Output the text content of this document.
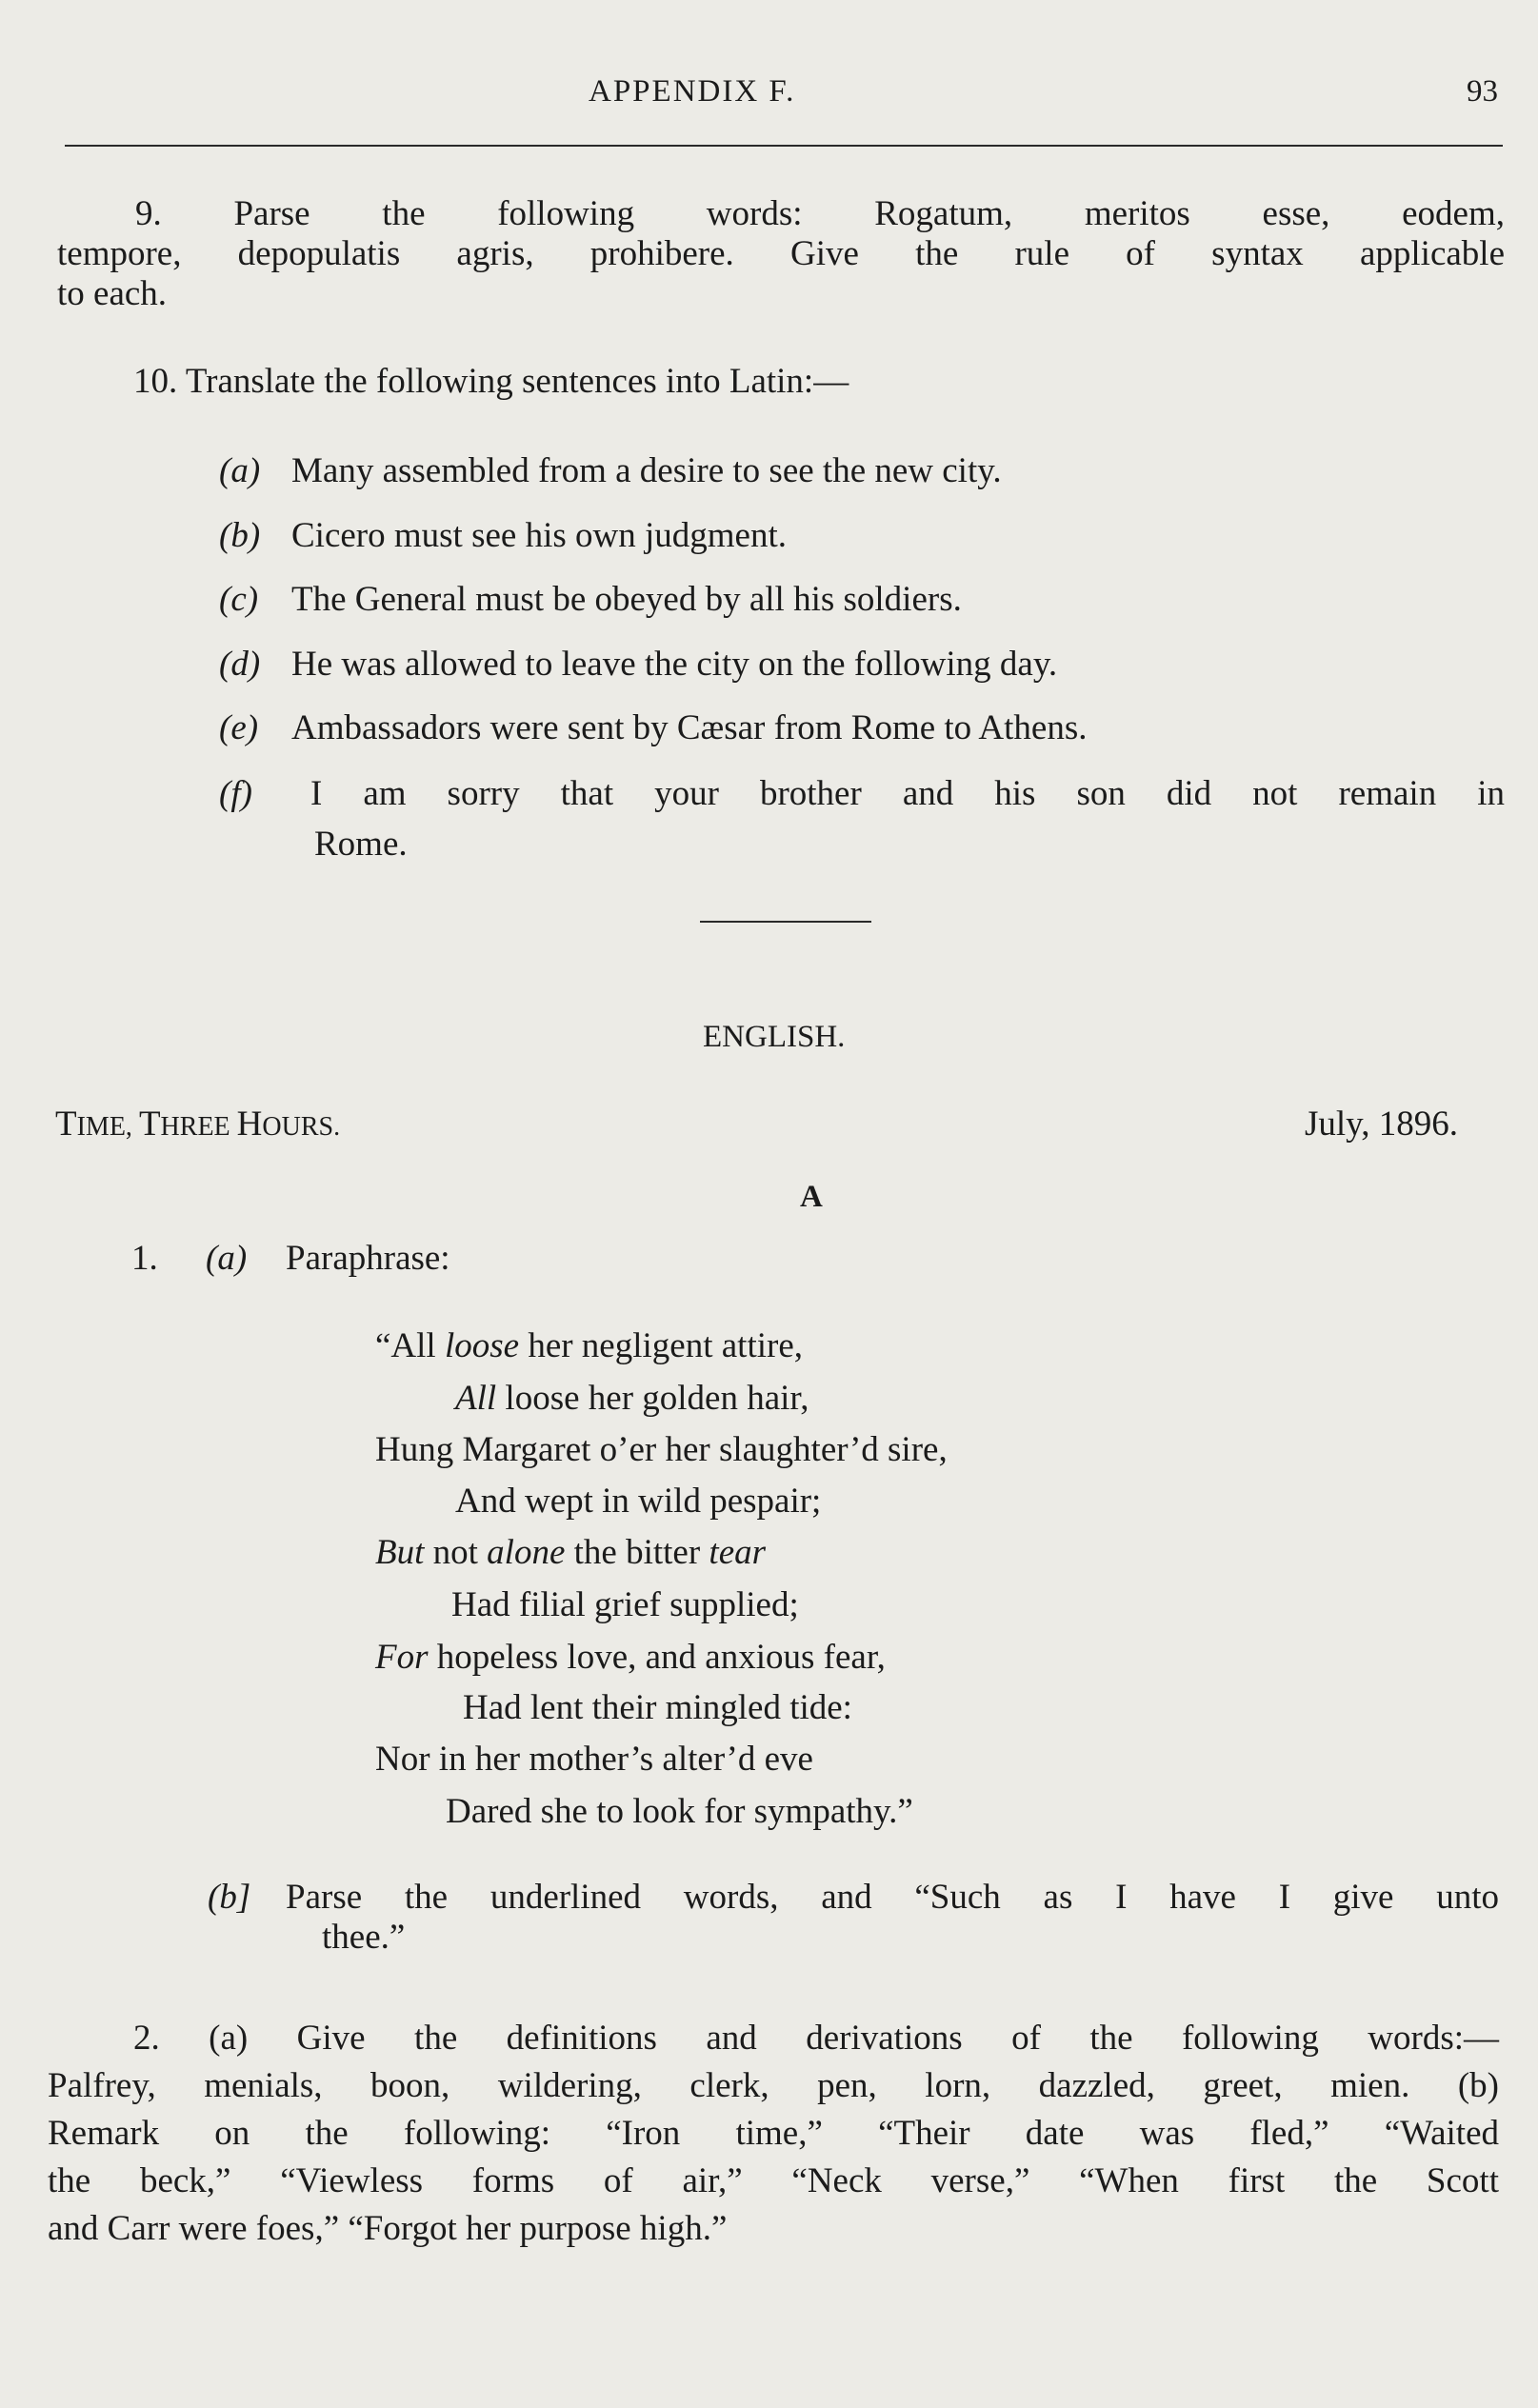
APPENDIX F.	93
9. Parse the following words: Rogatum, meritos esse, eodem,
tempore, depopulatis agris, prohibere. Give the rule of syntax applicable
to each.
10. Translate the following sentences into Latin:—
(a) Many assembled from a desire to see the new city.
(b) Cicero must see his own judgment.
(c) The General must be obeyed by all his soldiers.
(d) He was allowed to leave the city on the following day.
(e) Ambassadors were sent by Cæsar from Rome to Athens.
(f) I am sorry that your brother and his son did not remain in
Rome.
ENGLISH.
TIME, THREE HOURS.	July, 1896.
A
1. (a) Paraphrase:
“All loose her negligent attire,
All loose her golden hair,
Hung Margaret o’er her slaughter’d sire,
And wept in wild pespair;
But not alone the bitter tear
Had filial grief supplied;
For hopeless love, and anxious fear,
Had lent their mingled tide:
Nor in her mother’s alter’d eve
Dared she to look for sympathy.”
(b] Parse the underlined words, and “Such as I have I give unto
thee.”
2. (a) Give the definitions and derivations of the following words:—
Palfrey, menials, boon, wildering, clerk, pen, lorn, dazzled, greet, mien. (b)
Remark on the following: “Iron time,” “Their date was fled,” “Waited
the beck,” “Viewless forms of air,” “Neck verse,” “When first the Scott
and Carr were foes,” “Forgot her purpose high.”
